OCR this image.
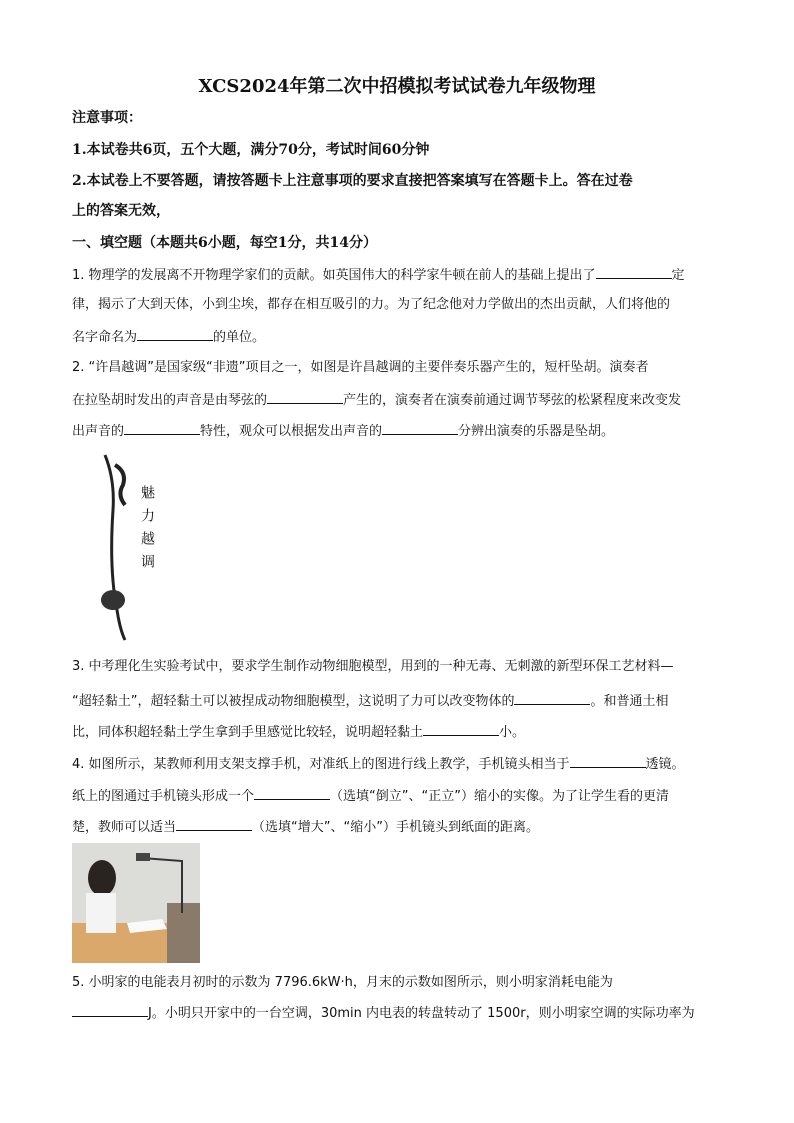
XCS2024年第二次中招模拟考试试卷九年级物理
注意事项：
1.本试卷共6页，五个大题，满分70分，考试时间60分钟
2.本试卷上不要答题，请按答题卡上注意事项的要求直接把答案填写在答题卡上。答在过卷
上的答案无效，
一、填空题（本题共6小题，每空1分，共14分）
1. 物理学的发展离不开物理学家们的贡献。如英国伟大的科学家牛顿在前人的基础上提出了	定
律，揭示了大到天体，小到尘埃，都存在相互吸引的力。为了纪念他对力学做出的杰出贡献，人们将他的
名字命名为	的单位。
2. “许昌越调”是国家级“非遗”项目之一，如图是许昌越调的主要伴奏乐器产生的，短杆坠胡。演奏者
在拉坠胡时发出的声音是由琴弦的	产生的，演奏者在演奏前通过调节琴弦的松紧程度来改变发
出声音的	特性，观众可以根据发出声音的	分辨出演奏的乐器是坠胡。
魅力越调
3. 中考理化生实验考试中，要求学生制作动物细胞模型，用到的一种无毒、无刺激的新型环保工艺材料—
“超轻黏土”，超轻黏土可以被捏成动物细胞模型，这说明了力可以改变物体的	。和普通土相
比，同体积超轻黏土学生拿到手里感觉比较轻，说明超轻黏土	小。
4. 如图所示，某教师利用支架支撑手机，对准纸上的图进行线上教学，手机镜头相当于	透镜。
纸上的图通过手机镜头形成一个	（选填“倒立”、“正立”）缩小的实像。为了让学生看的更清
楚，教师可以适当	（选填“增大”、“缩小”）手机镜头到纸面的距离。
5. 小明家的电能表月初时的示数为 7796.6kW·h，月末的示数如图所示，则小明家消耗电能为
J。小明只开家中的一台空调，30min 内电表的转盘转动了 1500r，则小明家空调的实际功率为
